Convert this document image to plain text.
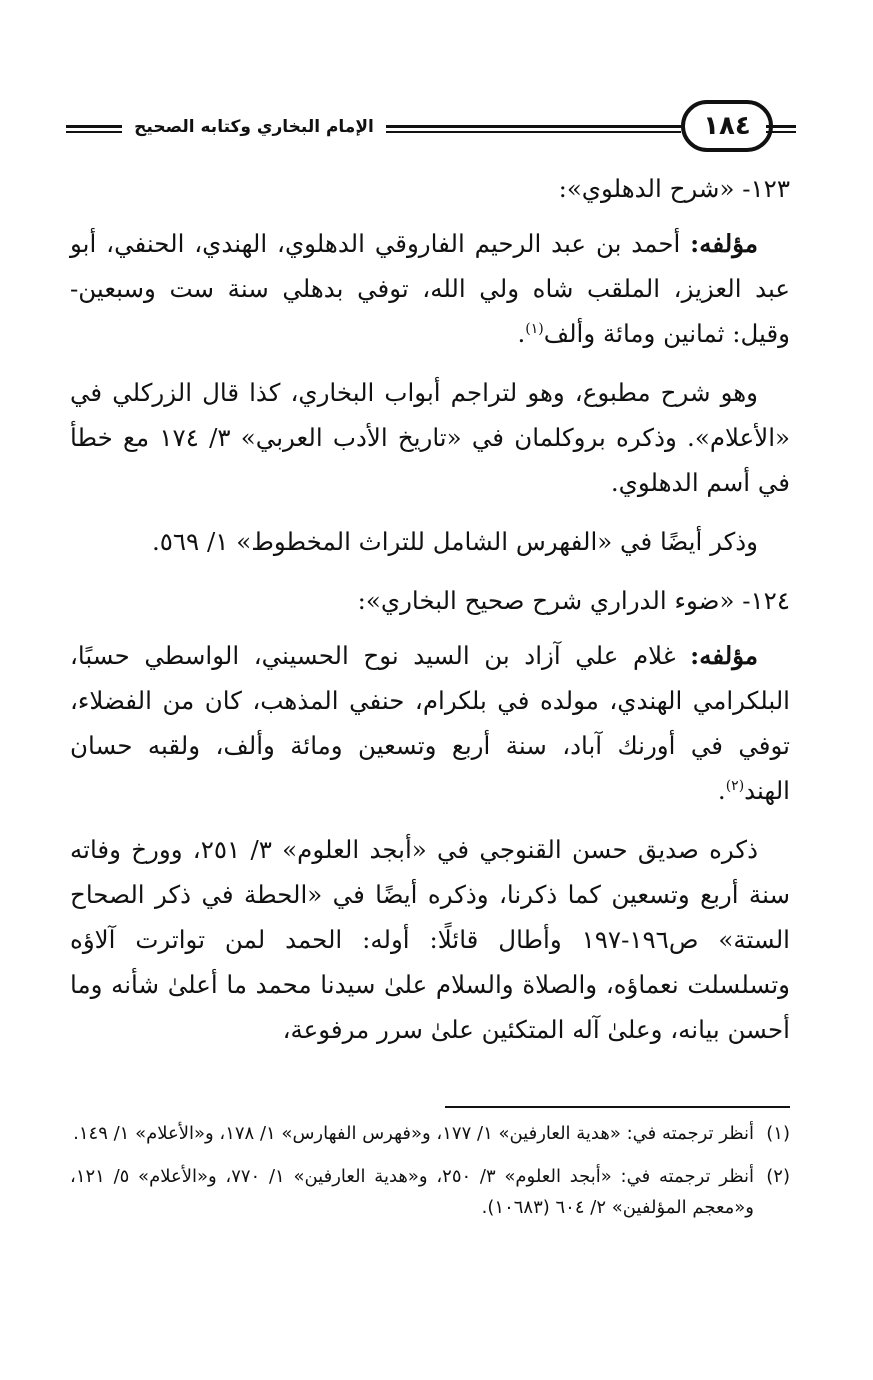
الإمام البخاري وكتابه الصحيح	١٨٤

١٢٣- «شرح الدهلوي»:

مؤلفه: أحمد بن عبد الرحيم الفاروقي الدهلوي، الهندي، الحنفي، أبو عبد العزيز، الملقب شاه ولي الله، توفي بدهلي سنة ست وسبعين- وقيل: ثمانين ومائة وألف$^{(١)}$.

وهو شرح مطبوع، وهو لتراجم أبواب البخاري، كذا قال الزركلي في «الأعلام». وذكره بروكلمان في «تاريخ الأدب العربي» ٣/ ١٧٤ مع خطأ في أسم الدهلوي.

وذكر أيضًا في «الفهرس الشامل للتراث المخطوط» ١/ ٥٦٩.

١٢٤- «ضوء الدراري شرح صحيح البخاري»:

مؤلفه: غلام علي آزاد بن السيد نوح الحسيني، الواسطي حسبًا، البلكرامي الهندي، مولده في بلكرام، حنفي المذهب، كان من الفضلاء، توفي في أورنك آباد، سنة أربع وتسعين ومائة وألف، ولقبه حسان الهند$^{(٢)}$.

ذكره صديق حسن القنوجي في «أبجد العلوم» ٣/ ٢٥١، وورخ وفاته سنة أربع وتسعين كما ذكرنا، وذكره أيضًا في «الحطة في ذكر الصحاح الستة» ص١٩٦-١٩٧ وأطال قائلًا: أوله: الحمد لمن تواترت آلاؤه وتسلسلت نعماؤه، والصلاة والسلام علىٰ سيدنا محمد ما أعلىٰ شأنه وما أحسن بيانه، وعلىٰ آله المتكئين علىٰ سرر مرفوعة،

(١)
أنظر ترجمته في: «هدية العارفين» ١/ ١٧٧، و«فهرس الفهارس» ١/ ١٧٨، و«الأعلام» ١/ ١٤٩.
(٢)
أنظر ترجمته في: «أبجد العلوم» ٣/ ٢٥٠، و«هدية العارفين» ١/ ٧٧٠، و«الأعلام» ٥/ ١٢١، و«معجم المؤلفين» ٢/ ٦٠٤ (١٠٦٨٣).
